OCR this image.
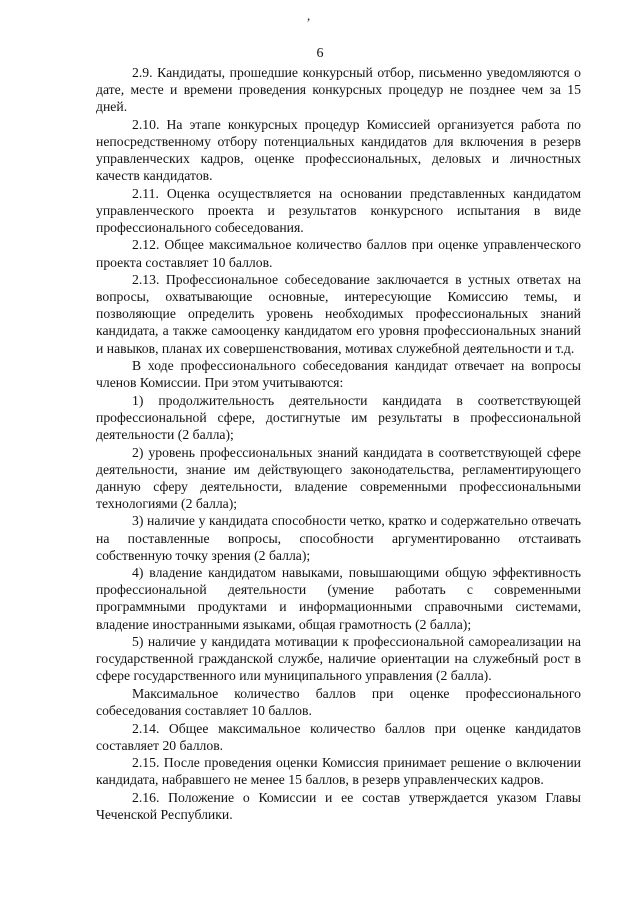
,
6

2.9. Кандидаты, прошедшие конкурсный отбор, письменно уведомляются о дате, месте и времени проведения конкурсных процедур не позднее чем за 15 дней.

2.10. На этапе конкурсных процедур Комиссией организуется работа по непосредственному отбору потенциальных кандидатов для включения в резерв управленческих кадров, оценке профессиональных, деловых и личностных качеств кандидатов.

2.11. Оценка осуществляется на основании представленных кандидатом управленческого проекта и результатов конкурсного испытания в виде профессионального собеседования.

2.12. Общее максимальное количество баллов при оценке управленческого проекта составляет 10 баллов.

2.13. Профессиональное собеседование заключается в устных ответах на вопросы, охватывающие основные, интересующие Комиссию темы, и позволяющие определить уровень необходимых профессиональных знаний кандидата, а также самооценку кандидатом его уровня профессиональных знаний и навыков, планах их совершенствования, мотивах служебной деятельности и т.д.

В ходе профессионального собеседования кандидат отвечает на вопросы членов Комиссии. При этом учитываются:

1) продолжительность деятельности кандидата в соответствующей профессиональной сфере, достигнутые им результаты в профессиональной деятельности (2 балла);

2) уровень профессиональных знаний кандидата в соответствующей сфере деятельности, знание им действующего законодательства, регламентирующего данную сферу деятельности, владение современными профессиональными технологиями (2 балла);

3) наличие у кандидата способности четко, кратко и содержательно отвечать на поставленные вопросы, способности аргументированно отстаивать собственную точку зрения (2 балла);

4) владение кандидатом навыками, повышающими общую эффективность профессиональной деятельности (умение работать с современными программными продуктами и информационными справочными системами, владение иностранными языками, общая грамотность (2 балла);

5) наличие у кандидата мотивации к профессиональной самореализации на государственной гражданской службе, наличие ориентации на служебный рост в сфере государственного или муниципального управления (2 балла).

Максимальное количество баллов при оценке профессионального собеседования составляет 10 баллов.

2.14. Общее максимальное количество баллов при оценке кандидатов составляет 20 баллов.

2.15. После проведения оценки Комиссия принимает решение о включении кандидата, набравшего не менее 15 баллов, в резерв управленческих кадров.

2.16. Положение о Комиссии и ее состав утверждается указом Главы Чеченской Республики.
